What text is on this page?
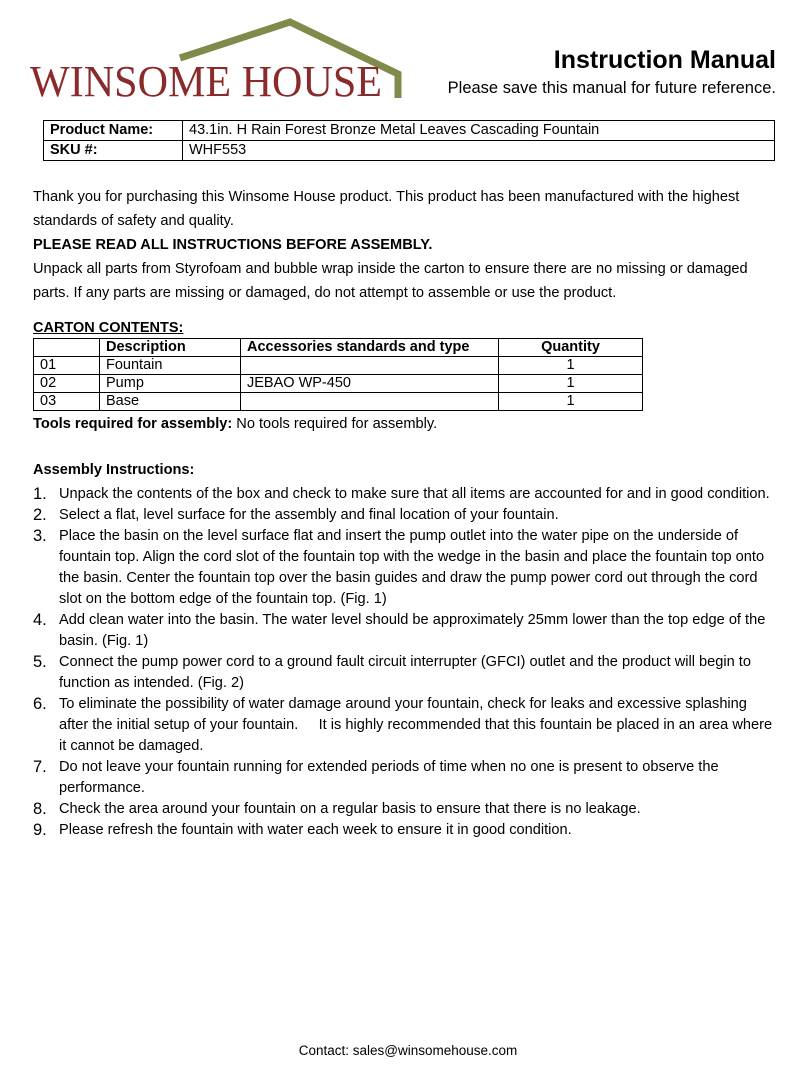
WINSOME HOUSE	Instruction Manual
Please save this manual for future reference.
Product Name:	43.1in. H Rain Forest Bronze Metal Leaves Cascading Fountain
SKU #:	WHF553

Thank you for purchasing this Winsome House product. This product has been manufactured with the highest standards of safety and quality.

PLEASE READ ALL INSTRUCTIONS BEFORE ASSEMBLY.

Unpack all parts from Styrofoam and bubble wrap inside the carton to ensure there are no missing or damaged parts. If any parts are missing or damaged, do not attempt to assemble or use the product.

CARTON CONTENTS:
	Description	Accessories standards and type	Quantity
01	Fountain		1
02	Pump	JEBAO WP-450	1
03	Base		1
Tools required for assembly: No tools required for assembly.
Assembly Instructions:
1. Unpack the contents of the box and check to make sure that all items are accounted for and in good condition.
2. Select a flat, level surface for the assembly and final location of your fountain.
3. Place the basin on the level surface flat and insert the pump outlet into the water pipe on the underside of fountain top. Align the cord slot of the fountain top with the wedge in the basin and place the fountain top onto the basin. Center the fountain top over the basin guides and draw the pump power cord out through the cord slot on the bottom edge of the fountain top. (Fig. 1)
4. Add clean water into the basin. The water level should be approximately 25mm lower than the top edge of the basin. (Fig. 1)
5. Connect the pump power cord to a ground fault circuit interrupter (GFCI) outlet and the product will begin to function as intended. (Fig. 2)
6. To eliminate the possibility of water damage around your fountain, check for leaks and excessive splashing after the initial setup of your fountain.     It is highly recommended that this fountain be placed in an area where it cannot be damaged.
7. Do not leave your fountain running for extended periods of time when no one is present to observe the performance.
8. Check the area around your fountain on a regular basis to ensure that there is no leakage.
9. Please refresh the fountain with water each week to ensure it in good condition.
Contact: sales@winsomehouse.com
